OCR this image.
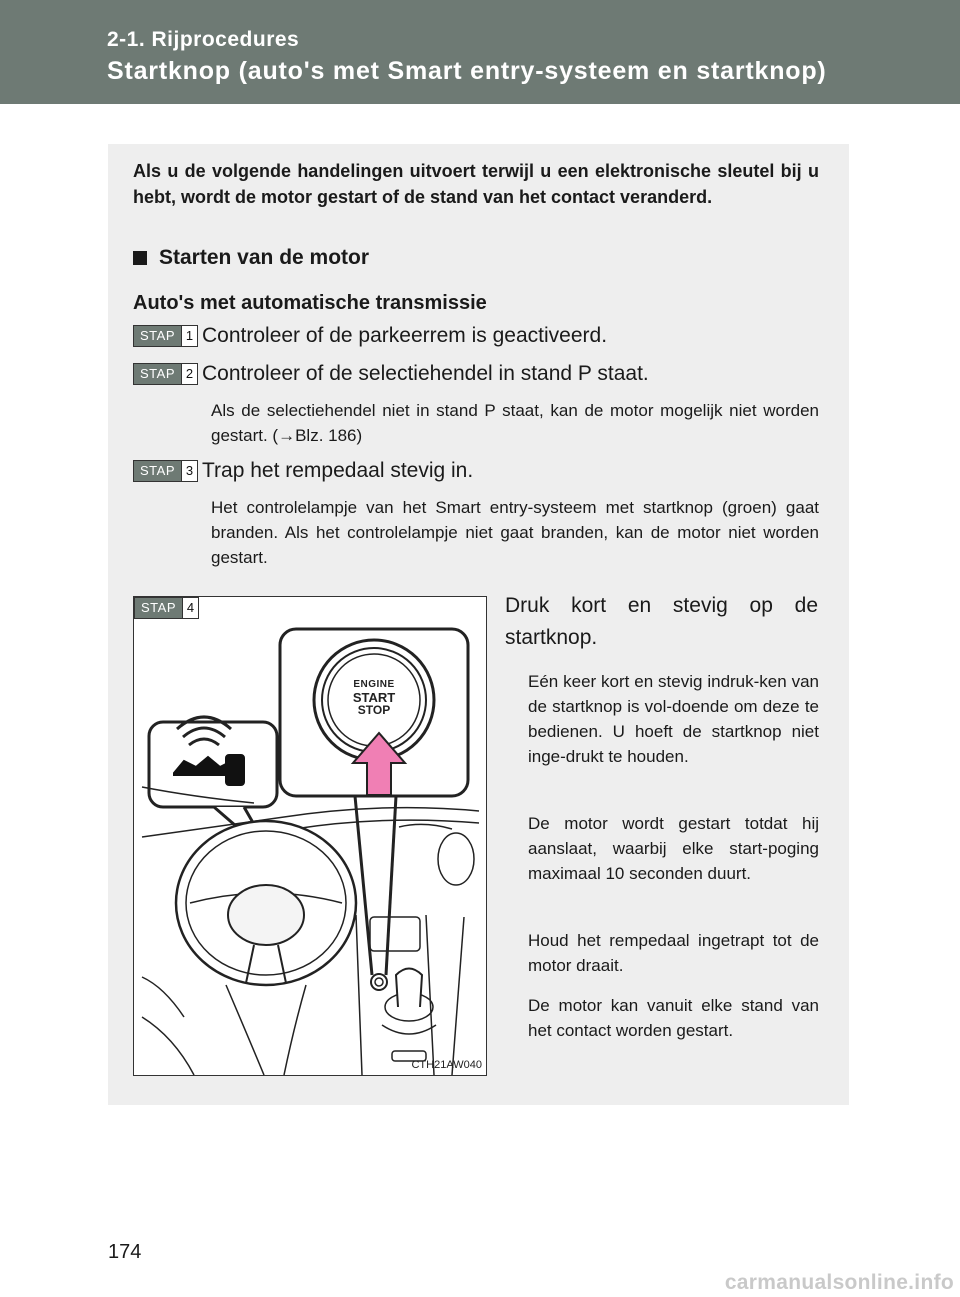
2-1. Rijprocedures

Startknop (auto's met Smart entry-systeem en startknop)

Als u de volgende handelingen uitvoert terwijl u een elektronische sleutel bij u hebt, wordt de motor gestart of de stand van het contact veranderd.

Starten van de motor

Auto's met automatische transmissie

STAP 1 Controleer of de parkeerrem is geactiveerd.
STAP 2 Controleer of de selectiehendel in stand P staat.

Als de selectiehendel niet in stand P staat, kan de motor mogelijk niet worden gestart. (→Blz. 186)

STAP 3 Trap het rempedaal stevig in.

Het controlelampje van het Smart entry-systeem met startknop (groen) gaat branden. Als het controlelampje niet gaat branden, kan de motor niet worden gestart.

STAP 4
ENGINE
START
STOP
CTH21AW040

Druk kort en stevig op de startknop.

Eén keer kort en stevig indruk-ken van de startknop is vol-doende om deze te bedienen. U hoeft de startknop niet inge-drukt te houden.

De motor wordt gestart totdat hij aanslaat, waarbij elke start-poging maximaal 10 seconden duurt.

Houd het rempedaal ingetrapt tot de motor draait.

De motor kan vanuit elke stand van het contact worden gestart.

174

carmanualsonline.info
